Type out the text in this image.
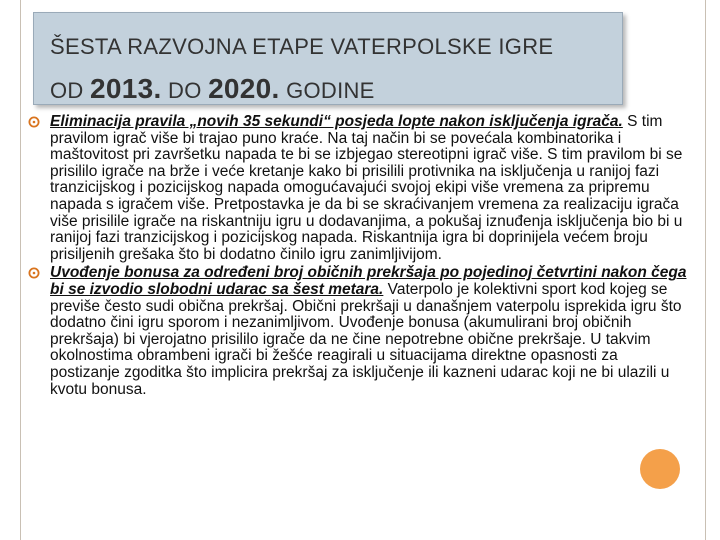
ŠESTA RAZVOJNA ETAPE VATERPOLSKE IGRE
OD 2013. DO 2020. GODINE
Eliminacija pravila „novih 35 sekundi“ posjeda lopte nakon isključenja igrača. S tim pravilom igrač više bi trajao puno kraće. Na taj način bi se povećala kombinatorika i maštovitost pri završetku napada te bi se izbjegao stereotipni igrač više. S tim pravilom bi se prisililo igrače na brže i veće kretanje kako bi prisilili protivnika na isključenja u ranijoj fazi tranzicijskog i pozicijskog napada omogućavajući svojoj ekipi više vremena za pripremu napada s igračem više. Pretpostavka je da bi se skraćivanjem vremena za realizaciju igrača više prisilile igrače na riskantniju igru u dodavanjima, a pokušaj iznuđenja isključenja bio bi u ranijoj fazi tranzicijskog i pozicijskog napada. Riskantnija igra bi doprinijela većem broju prisiljenih grešaka što bi dodatno činilo igru zanimljivijom.
Uvođenje bonusa za određeni broj običnih prekršaja po pojedinoj četvrtini nakon čega bi se izvodio slobodni udarac sa šest metara. Vaterpolo je kolektivni sport kod kojeg se previše često sudi obična prekršaj. Obični prekršaji u današnjem vaterpolu isprekida igru što dodatno čini igru sporom i nezanimljivom. Uvođenje bonusa (akumulirani broj običnih prekršaja) bi vjerojatno prisililo igrače da ne čine nepotrebne obične prekršaje. U takvim okolnostima obrambeni igrači bi žešće reagirali u situacijama direktne opasnosti za postizanje zgoditka što implicira prekršaj za isključenje ili kazneni udarac koji ne bi ulazili u kvotu bonusa.
